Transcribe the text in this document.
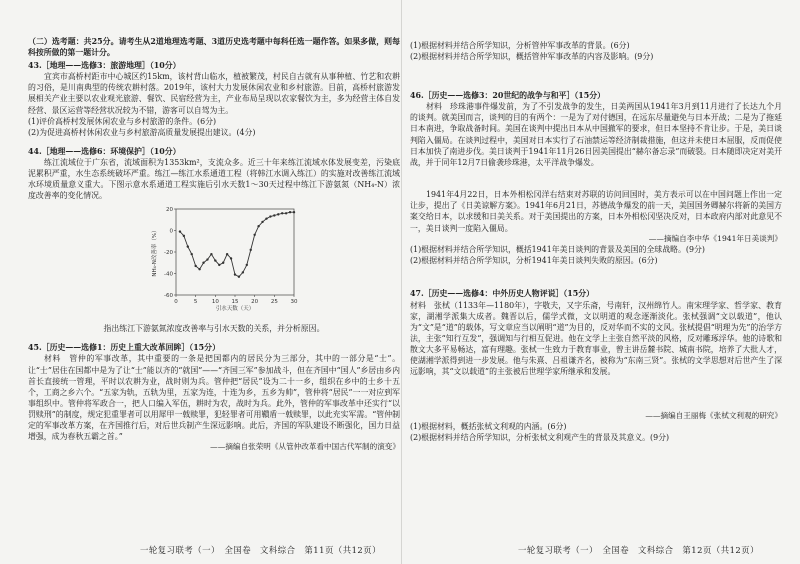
（二）选考题：共25分。请考生从2道地理选考题、3道历史选考题中每科任选一题作答。如果多做，则每科按所做的第一题计分。

43.［地理——选修3：旅游地理］（10分）

宜宾市高桥村距市中心城区约15km，该村背山临水，植被繁茂，村民自古就有从事种植、竹艺和农耕的习俗，是川南典型的传统农耕村落。2019年，该村大力发展休闲农业和乡村旅游。目前，高桥村旅游发展相关产业主要以农业观光旅游、餐饮、民宿经营为主，产业布局呈现以农家餐饮为主，多为经营主体自发经营、景区运营等经营状况较为不错，游客可以自驾为主。

(1)评价高桥村发展休闲农业与乡村旅游的条件。(6分)

(2)为促进高桥村休闲农业与乡村旅游高质量发展提出建议。(4分)

44.［地理——选修6：环境保护］（10分）

练江流域位于广东省，流域面积为1353km²，支流众多。近三十年来练江流域水体发展变差，污染底泥累积严重，水生态系统破坏严重。练江—练江水系通道工程（将韩江水调入练江）的实施对改善练江流域水环境质量意义重大。下图示意水系通道工程实施后引水天数1～30天过程中练江下游氨氮（NH₄-N）浓度改善率的变化情况。

20
0
-20
-40
-60
0	5	10 15 20 25 30
引水天数（天）
NH₄-N改善率（%）

指出练江下游氨氮浓度改善率与引水天数的关系，并分析原因。

45.［历史——选修1：历史上重大改革回眸］（15分）

材料　管仲的军事改革，其中重要的一条是把国都内的居民分为三部分，其中的一部分是“士”。让“士”居住在国都中是为了让“士”能以齐的“就国”——“齐国三军”参加战斗，但在齐国中“国人”乡居由乡内首长直接统一管理，平时以农耕为业，战时则为兵。管仲把“居民”设为二十一乡，组织在乡中的士乡十五个，工商之乡六个。“五家为轨，五轨为里，五家为连，十连为乡，五乡为帅”，管仲将“居民”一一对应到军事组织中。管仲将军政合一，把人口编入军伍，耕时为农，战时为兵。此外，管仲的军事改革中还实行“以罚赎刑”的制度，规定犯重罪者可以用犀甲一戟赎罪，犯轻罪者可用鞼盾一戟赎罪，以此充实军需。“管仲制定的军事改革方案，在齐国推行后，对后世兵制产生深远影响。此后，齐国的军队建设不断强化，国力日益增强，成为春秋五霸之首。”

——摘编自张荣明《从管仲改革看中国古代军制的演变》

(1)根据材料并结合所学知识，分析管仲军事改革的背景。(6分)

(2)根据材料并结合所学知识，概括管仲军事改革的内容及影响。(9分)

46.［历史——选修3：20世纪的战争与和平］（15分）

材料　珍珠港事件爆发前，为了不引发战争的发生，日美两国从1941年3月到11月进行了长达九个月的谈判。就美国而言，谈判的目的有两个：一是为了对付德国，在远东尽量避免与日本开战；二是为了拖延日本南进，争取战备时间。美国在谈判中提出日本从中国撤军的要求，但日本坚持不肯让步。于是，美日谈判陷入僵局。在谈判过程中，美国对日本实行了石油禁运等经济制裁措施，但这并未使日本屈服，反而促使日本加快了南进步伐。美日谈判于1941年11月26日因美国提出“赫尔备忘录”而破裂。日本随即决定对美开战，并于同年12月7日偷袭珍珠港，太平洋战争爆发。

1941年4月22日，日本外相松冈洋右结束对苏联的访问回国时，美方表示可以在中国问题上作出一定让步，提出了《日美谅解方案》。1941年6月21日，苏德战争爆发的前一天，美国国务卿赫尔将新的美国方案交给日本，以求缓和日美关系。对于美国提出的方案，日本外相松冈坚决反对，日本政府内部对此意见不一，美日谈判一度陷入僵局。

——摘编自李中华《1941年日美谈判》

(1)根据材料并结合所学知识，概括1941年美日谈判的背景及美国的全球战略。(9分)

(2)根据材料并结合所学知识，分析1941年美日谈判失败的原因。(6分)

47.［历史——选修4：中外历史人物评说］（15分）

材料　张栻（1133年—1180年），字敬夫，又字乐斋，号南轩，汉州绵竹人。南宋理学家、哲学家、教育家，湖湘学派集大成者。魏晋以后，儒学式微，文以明道的观念逐渐淡化。张栻强调“文以载道”，他认为“文”是“道”的载体，写文章应当以阐明“道”为目的，反对华而不实的文风。张栻提倡“明理为先”的治学方法，主张“知行互发”，强调知与行相互促进。他在文学上主张自然平淡的风格，反对雕琢浮华。他的诗歌和散文大多平易畅达，富有理趣。张栻一生致力于教育事业，曾主讲岳麓书院、城南书院，培养了大批人才，使湖湘学派得到进一步发展。他与朱熹、吕祖谦齐名，被称为“东南三贤”。张栻的文学思想对后世产生了深远影响，其“文以载道”的主张被后世理学家所继承和发展。

——摘编自王丽梅《张栻文利观的研究》

(1)根据材料，概括张栻文利观的内涵。(6分)

(2)根据材料并结合所学知识，分析张栻文利观产生的背景及其意义。(9分)

一轮复习联考（一）　全国卷　文科综合　第11页（共12页）	一轮复习联考（一）　全国卷　文科综合　第12页（共12页）
